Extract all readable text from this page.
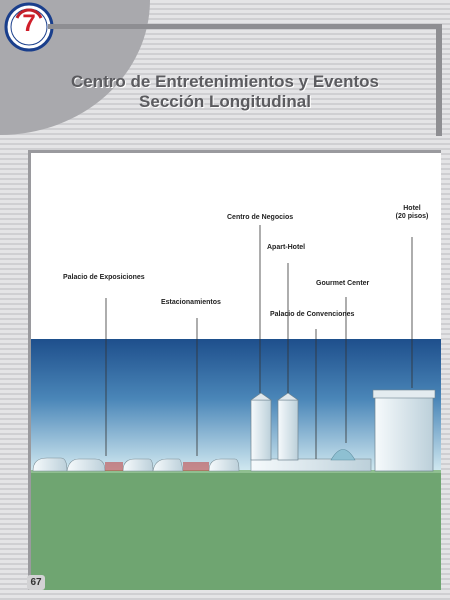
7
Centro de Entretenimientos y Eventos
Sección Longitudinal
Palacio de Exposiciones
Estacionamientos
Centro de Negocios
Apart-Hotel
Palacio de Convenciones
Gourmet Center
Hotel
(20 pisos)
67
